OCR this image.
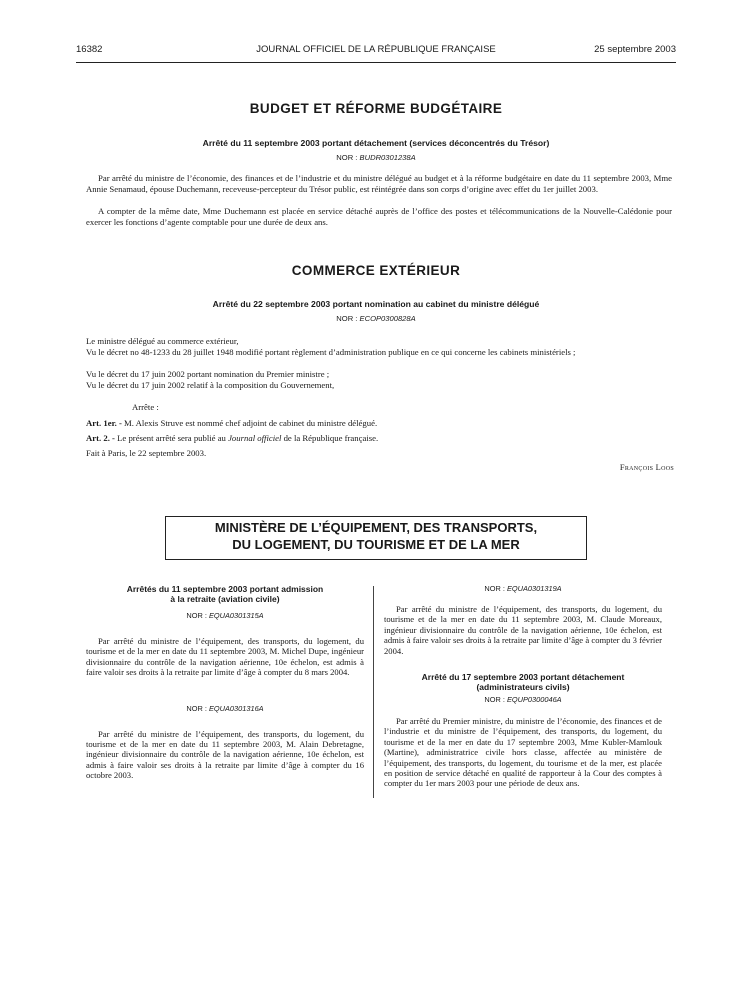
16382	JOURNAL OFFICIEL DE LA RÉPUBLIQUE FRANÇAISE	25 septembre 2003
BUDGET ET RÉFORME BUDGÉTAIRE
Arrêté du 11 septembre 2003 portant détachement (services déconcentrés du Trésor)
NOR : BUDR0301238A

Par arrêté du ministre de l’économie, des finances et de l’industrie et du ministre délégué au budget et à la réforme budgétaire en date du 11 septembre 2003, Mme Annie Senamaud, épouse Duchemann, receveuse-percepteur du Trésor public, est réintégrée dans son corps d’origine avec effet du 1er juillet 2003.

A compter de la même date, Mme Duchemann est placée en service détaché auprès de l’office des postes et télécommunications de la Nouvelle-Calédonie pour exercer les fonctions d’agente comptable pour une durée de deux ans.

COMMERCE EXTÉRIEUR
Arrêté du 22 septembre 2003 portant nomination au cabinet du ministre délégué
NOR : ECOP0300828A
Le ministre délégué au commerce extérieur,

Vu le décret no 48-1233 du 28 juillet 1948 modifié portant règlement d’administration publique en ce qui concerne les cabinets ministériels ;

Vu le décret du 17 juin 2002 portant nomination du Premier ministre ;
Vu le décret du 17 juin 2002 relatif à la composition du Gouvernement,
Arrête :
Art. 1er. - M. Alexis Struve est nommé chef adjoint de cabinet du ministre délégué.
Art. 2. - Le présent arrêté sera publié au Journal officiel de la République française.
Fait à Paris, le 22 septembre 2003.
François Loos
MINISTÈRE DE L’ÉQUIPEMENT, DES TRANSPORTS,
DU LOGEMENT, DU TOURISME ET DE LA MER

Arrêtés du 11 septembre 2003 portant admission

à la retraite (aviation civile)

NOR : EQUA0301315A

Par arrêté du ministre de l’équipement, des transports, du logement, du tourisme et de la mer en date du 11 septembre 2003, M. Michel Dupe, ingénieur divisionnaire du contrôle de la navigation aérienne, 10e échelon, est admis à faire valoir ses droits à la retraite par limite d’âge à compter du 8 mars 2004.

NOR : EQUA0301316A

Par arrêté du ministre de l’équipement, des transports, du logement, du tourisme et de la mer en date du 11 septembre 2003, M. Alain Debretagne, ingénieur divisionnaire du contrôle de la navigation aérienne, 10e échelon, est admis à faire valoir ses droits à la retraite par limite d’âge à compter du 16 octobre 2003.

NOR : EQUA0301319A

Par arrêté du ministre de l’équipement, des transports, du logement, du tourisme et de la mer en date du 11 septembre 2003, M. Claude Moreaux, ingénieur divisionnaire du contrôle de la navigation aérienne, 10e échelon, est admis à faire valoir ses droits à la retraite par limite d’âge à compter du 3 février 2004.

Arrêté du 17 septembre 2003 portant détachement

(administrateurs civils)

NOR : EQUP0300046A

Par arrêté du Premier ministre, du ministre de l’économie, des finances et de l’industrie et du ministre de l’équipement, des transports, du logement, du tourisme et de la mer en date du 17 septembre 2003, Mme Kubler-Mamlouk (Martine), administratrice civile hors classe, affectée au ministère de l’équipement, des transports, du logement, du tourisme et de la mer, est placée en position de service détaché en qualité de rapporteur à la Cour des comptes à compter du 1er mars 2003 pour une période de deux ans.
